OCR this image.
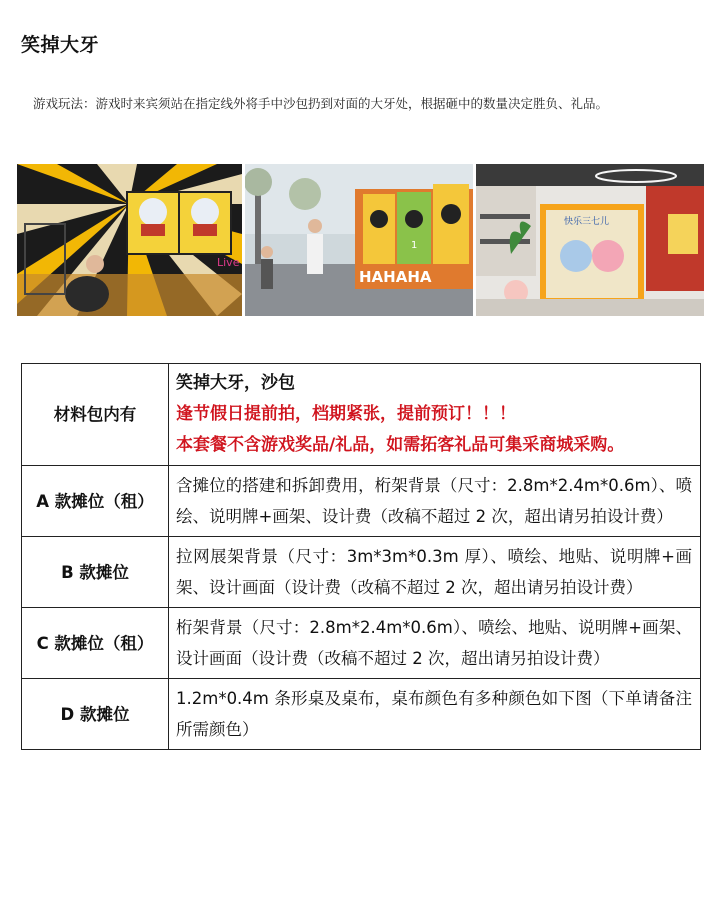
笑掉大牙
游戏玩法：游戏时来宾须站在指定线外将手中沙包扔到对面的大牙处，根据砸中的数量决定胜负、礼品。
Live
1
HAHAHA
快乐三七儿
材料包内有	笑掉大牙，沙包
逢节假日提前拍，档期紧张，提前预订！！！
本套餐不含游戏奖品/礼品，如需拓客礼品可集采商城采购。

A 款摊位（租）	含摊位的搭建和拆卸费用，桁架背景（尺寸：2.8m*2.4m*0.6m）、喷绘、说明牌+画架、设计费（改稿不超过 2 次，超出请另拍设计费）
B 款摊位	拉网展架背景（尺寸：3m*3m*0.3m 厚）、喷绘、地贴、说明牌+画架、设计画面（设计费（改稿不超过 2 次，超出请另拍设计费）
C 款摊位（租）	桁架背景（尺寸：2.8m*2.4m*0.6m）、喷绘、地贴、说明牌+画架、设计画面（设计费（改稿不超过 2 次，超出请另拍设计费）
D 款摊位	1.2m*0.4m 条形桌及桌布，桌布颜色有多种颜色如下图（下单请备注所需颜色）
